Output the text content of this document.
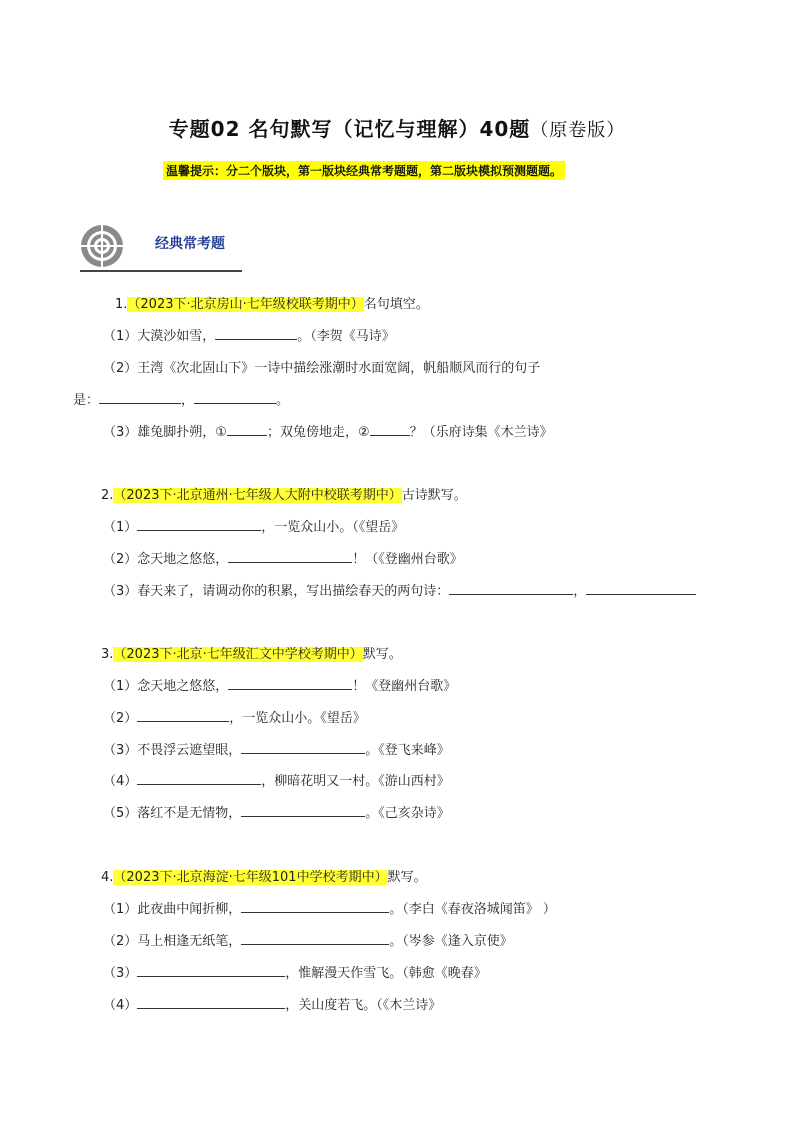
专题02 名句默写（记忆与理解）40题（原卷版）
温馨提示：分二个版块，第一版块经典常考题题，第二版块模拟预测题题。
经典常考题
1.（2023下·北京房山·七年级校联考期中）名句填空。
（1）大漠沙如雪，	。（李贺《马诗》
（2）王湾《次北固山下》一诗中描绘涨潮时水面宽阔，帆船顺风而行的句子
是：	，	。
（3）雄兔脚扑朔，①	；双兔傍地走，②	？（乐府诗集《木兰诗》
2.（2023下·北京通州·七年级人大附中校联考期中）古诗默写。
（1）	，一览众山小。（《望岳》
（2）念天地之悠悠，	！（《登幽州台歌》
（3）春天来了，请调动你的积累，写出描绘春天的两句诗：	，
3.（2023下·北京·七年级汇文中学校考期中）默写。
（1）念天地之悠悠，	！《登幽州台歌》
（2）	，一览众山小。《望岳》
（3）不畏浮云遮望眼，	。《登飞来峰》
（4）	，柳暗花明又一村。《游山西村》
（5）落红不是无情物，	。《己亥杂诗》
4.（2023下·北京海淀·七年级101中学校考期中）默写。
（1）此夜曲中闻折柳，	。（李白《春夜洛城闻笛》 ）
（2）马上相逢无纸笔，	。（岑参《逢入京使》
（3）	，惟解漫天作雪飞。（韩愈《晚春》
（4）	，关山度若飞。（《木兰诗》
